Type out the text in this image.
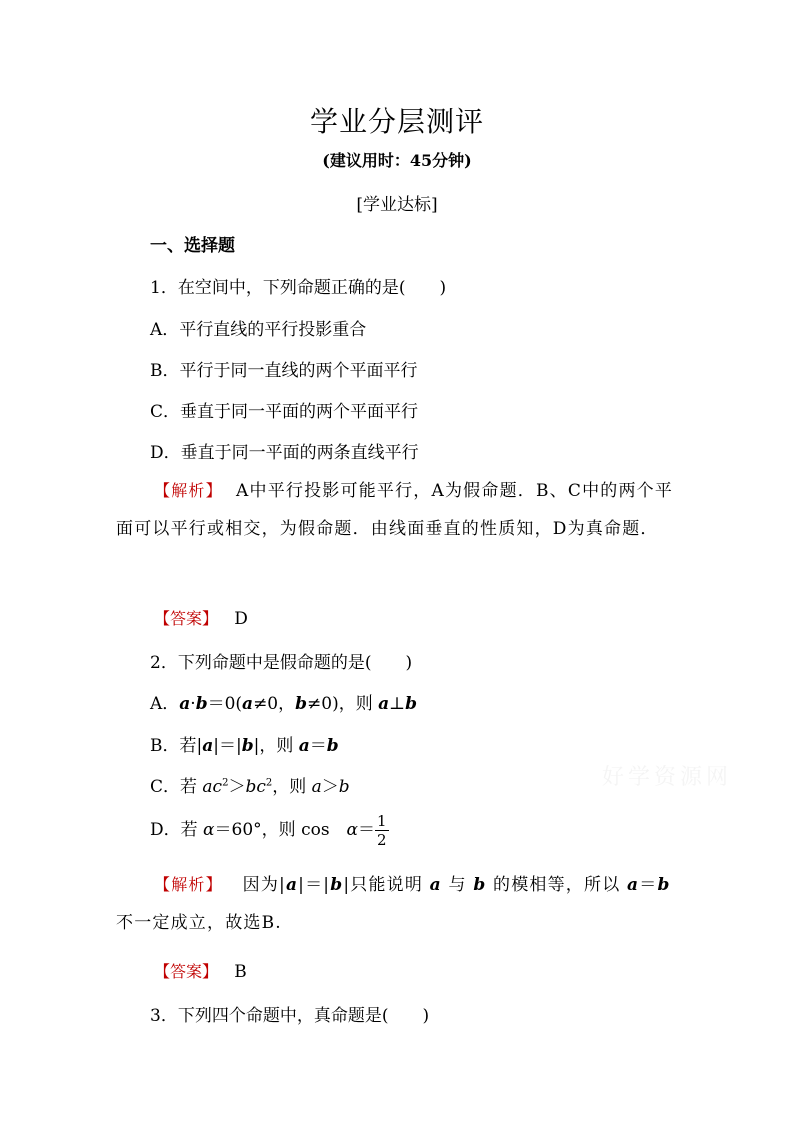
学业分层测评
(建议用时：45分钟)
[学业达标]
一、选择题
1．在空间中，下列命题正确的是(　　)
A．平行直线的平行投影重合
B．平行于同一直线的两个平面平行
C．垂直于同一平面的两个平面平行
D．垂直于同一平面的两条直线平行
【解析】 A中平行投影可能平行，A为假命题．B、C中的两个平面可以平行或相交，为假命题．由线面垂直的性质知，D为真命题．
【答案】 D
2．下列命题中是假命题的是(　　)
A．a·b＝0(a≠0，b≠0)，则 a⊥b
B．若|a|＝|b|，则 a＝b
C．若 $ac^2>bc^2$，则 a＞b
D．若 α＝60°，则 cos　$\alpha= \frac{1}{2}$
【解析】 因为|a|＝|b|只能说明 a 与 b 的模相等，所以 a＝b 不一定成立，故选B.
【答案】 B
3．下列四个命题中，真命题是(　　)
好学资源网
